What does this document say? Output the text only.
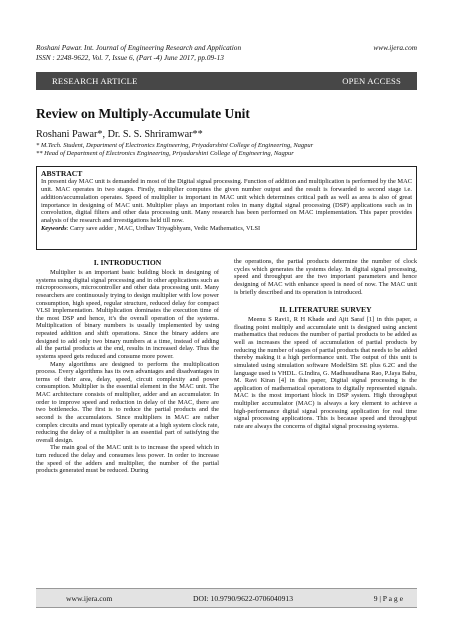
Roshani Pawar. Int. Journal of Engineering Research and Application	www.ijera.com
ISSN : 2248-9622, Vol. 7, Issue 6, (Part -4) June 2017, pp.09-13
RESEARCH ARTICLE	OPEN ACCESS
Review on Multiply-Accumulate Unit
Roshani Pawar*, Dr. S. S. Shriramwar**
* M.Tech. Student, Department of Electronics Engineering, Priyadarshini College of Engineering, Nagpur
** Head of Department of Electronics Engineering, Priyadarshini College of Engineering, Nagpur
ABSTRACT
In present day MAC unit is demanded in most of the Digital signal processing. Function of addition and multiplication is performed by the MAC unit. MAC operates in two stages. Firstly, multiplier computes the given number output and the result is forwarded to second stage i.e. addition/accumulation operates. Speed of multiplier is important in MAC unit which determines critical path as well as area is also of great importance in designing of MAC unit. Multiplier plays an important roles in many digital signal processing (DSP) applications such as in convolution, digital filters and other data processing unit. Many research has been performed on MAC implementation. This paper provides analysis of the research and investigations held till now.
Keywords: Carry save adder , MAC, Urdhav Triyagbhyam, Vedic Mathematics, VLSI
I. INTRODUCTION

Multiplier is an important basic building block in designing of systems using digital signal processing and in other applications such as microprocessors, microcontroller and other data processing unit. Many researchers are continuously trying to design multiplier with low power consumption, high speed, regular structure, reduced delay for compact VLSI implementation. Multiplication dominates the execution time of the most DSP and hence, it’s the overall operation of the systems. Multiplication of binary numbers is usually implemented by using repeated addition and shift operations. Since the binary adders are designed to add only two binary numbers at a time, instead of adding all the partial products at the end, results in increased delay. Thus the systems speed gets reduced and consume more power.

Many algorithms are designed to perform the multiplication process. Every algorithms has its own advantages and disadvantages in terms of their area, delay, speed, circuit complexity and power consumption. Multiplier is the essential element in the MAC unit. The MAC architecture consists of multiplier, adder and an accumulator. In order to improve speed and reduction in delay of the MAC, there are two bottlenecks. The first is to reduce the partial products and the second is the accumulators. Since multipliers in MAC are rather complex circuits and must typically operate at a high system clock rate, reducing the delay of a multiplier is an essential part of satisfying the overall design.

The main goal of the MAC unit is to increase the speed which in turn reduced the delay and consumes less power. In order to increase the speed of the adders and multiplier, the number of the partial products generated must be reduced. During

the operations, the partial products determine the number of clock cycles which generates the systems delay. In digital signal processing, speed and throughput are the two important parameters and hence designing of MAC with enhance speed is need of now. The MAC unit is briefly described and its operation is introduced.

II. LITERATURE SURVEY

Meenu S Ravi1, R H Khade and Ajit Saraf [1] in this paper, a floating point multiply and accumulate unit is designed using ancient mathematics that reduces the number of partial products to be added as well as increases the speed of accumulation of partial products by reducing the number of stages of partial products that needs to be added thereby making it a high performance unit. The output of this unit is simulated using simulation software ModelSim SE plus 6.2C and the language used is VHDL. G.Indira, G. Madhusudhana Rao, P.Jaya Babu, M. Ravi Kiran [4] in this paper, Digital signal processing is the application of mathematical operations to digitally represented signals. MAC is the most important block in DSP system. High throughput multiplier accumulator (MAC) is always a key element to achieve a high-performance digital signal processing application for real time signal processing applications. This is because speed and throughput rate are always the concerns of digital signal processing systems.

www.ijera.com	DOI: 10.9790/9622-0706040913	9 | P a g e
